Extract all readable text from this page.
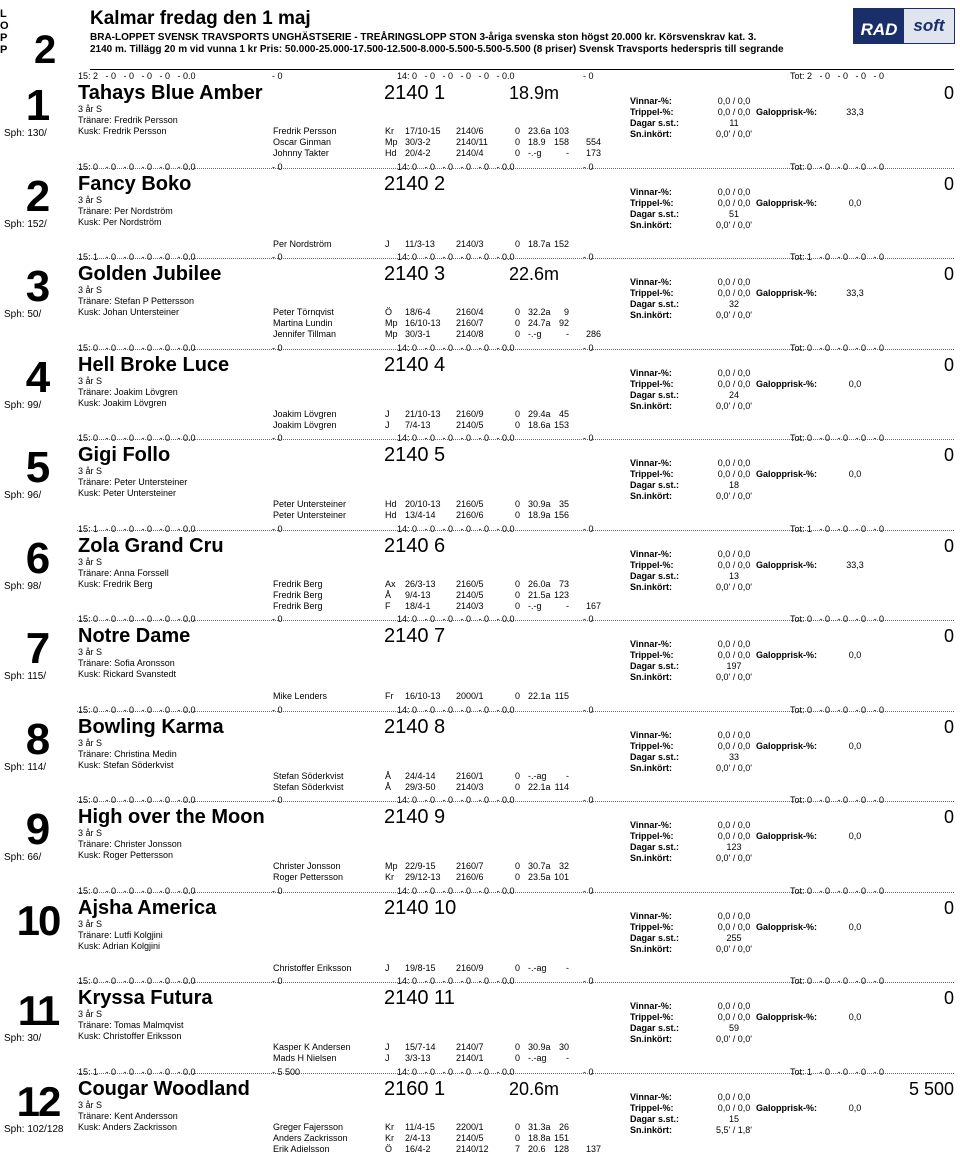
L
O
P
P 2
Kalmar fredag den 1 maj
BRA-LOPPET SVENSK TRAVSPORTS UNGHÄSTSERIE - TREÅRINGSLOPP STON 3-åriga svenska ston högst 20.000 kr. Körsvenskrav kat. 3.
2140 m. Tillägg 20 m vid vunna 1 kr Pris: 50.000-25.000-17.500-12.500-8.000-5.500-5.500-5.500 (8 priser) Svensk Travsports hederspris till segrande
RAD soft
15: 2   - 0   - 0   - 0   - 0   - 0.0	- 0	14: 0   - 0   - 0   - 0   - 0   - 0.0	- 0	Tot: 2   - 0   - 0   - 0   - 0
1
Sph: 130/
Tahays Blue Amber	2140 1	18.9m	0
3 år S
Tränare: Fredrik Persson
Kusk: Fredrik Persson
Vinnar-%:	0,0 / 0,0
Trippel-%:	0,0 / 0,0 Galopprisk-%:	33,3
Dagar s.st.:	11
Sn.inkört:	0,0' / 0,0'
Fredrik Persson	Kr 17/10-15 2140/6	0 23.6a 103
Oscar Ginman	Mp 30/3-2	2140/11	0 18.9 158	554
Johnny Takter	Hd 20/4-2	2140/4	0 -.-g	-	173
15: 0   - 0   - 0   - 0   - 0   - 0.0	- 0	14: 0   - 0   - 0   - 0   - 0   - 0.0	- 0	Tot: 0   - 0   - 0   - 0   - 0
2
Sph: 152/
Fancy Boko	2140 2	0
3 år S
Tränare: Per Nordström
Kusk: Per Nordström
Vinnar-%:	0,0 / 0,0
Trippel-%:	0,0 / 0,0 Galopprisk-%:	0,0
Dagar s.st.:	51
Sn.inkört:	0,0' / 0,0'
Per Nordström	J 11/3-13 2140/3	0 18.7a 152
15: 1   - 0   - 0   - 0   - 0   - 0.0	- 0	14: 0   - 0   - 0   - 0   - 0   - 0.0	- 0	Tot: 1   - 0   - 0   - 0   - 0
3
Sph: 50/
Golden Jubilee	2140 3	22.6m	0
3 år S
Tränare: Stefan P Pettersson
Kusk: Johan Untersteiner
Vinnar-%:	0,0 / 0,0
Trippel-%:	0,0 / 0,0 Galopprisk-%:	33,3
Dagar s.st.:	32
Sn.inkört:	0,0' / 0,0'
Peter Törnqvist	Ö 18/6-4	2160/4	0 32.2a	9
Martina Lundin	Mp 16/10-13 2160/7	0 24.7a 92
Jennifer Tillman	Mp 30/3-1	2140/8	0 -.-g	-	286
15: 0   - 0   - 0   - 0   - 0   - 0.0	- 0	14: 0   - 0   - 0   - 0   - 0   - 0.0	- 0	Tot: 0   - 0   - 0   - 0   - 0
4
Sph: 99/
Hell Broke Luce	2140 4	0
3 år S
Tränare: Joakim Lövgren
Kusk: Joakim Lövgren
Vinnar-%:	0,0 / 0,0
Trippel-%:	0,0 / 0,0 Galopprisk-%:	0,0
Dagar s.st.:	24
Sn.inkört:	0,0' / 0,0'
Joakim Lövgren	J 21/10-13 2160/9	0 29.4a 45
Joakim Lövgren	J 7/4-13	2140/5	0 18.6a 153
15: 0   - 0   - 0   - 0   - 0   - 0.0	- 0	14: 0   - 0   - 0   - 0   - 0   - 0.0	- 0	Tot: 0   - 0   - 0   - 0   - 0
5
Sph: 96/
Gigi Follo	2140 5	0
3 år S
Tränare: Peter Untersteiner
Kusk: Peter Untersteiner
Vinnar-%:	0,0 / 0,0
Trippel-%:	0,0 / 0,0 Galopprisk-%:	0,0
Dagar s.st.:	18
Sn.inkört:	0,0' / 0,0'
Peter Untersteiner	Hd 20/10-13 2160/5	0 30.9a 35
Peter Untersteiner	Hd 13/4-14 2160/6	0 18.9a 156
15: 1   - 0   - 0   - 0   - 0   - 0.0	- 0	14: 0   - 0   - 0   - 0   - 0   - 0.0	- 0	Tot: 1   - 0   - 0   - 0   - 0
6
Sph: 98/
Zola Grand Cru	2140 6	0
3 år S
Tränare: Anna Forssell
Kusk: Fredrik Berg
Vinnar-%:	0,0 / 0,0
Trippel-%:	0,0 / 0,0 Galopprisk-%:	33,3
Dagar s.st.:	13
Sn.inkört:	0,0' / 0,0'
Fredrik Berg	Ax 26/3-13 2160/5	0 26.0a 73
Fredrik Berg	Å 9/4-13	2140/5	0 21.5a 123
Fredrik Berg	F 18/4-1	2140/3	0 -.-g	-	167
15: 0   - 0   - 0   - 0   - 0   - 0.0	- 0	14: 0   - 0   - 0   - 0   - 0   - 0.0	- 0	Tot: 0   - 0   - 0   - 0   - 0
7
Sph: 115/
Notre Dame	2140 7	0
3 år S
Tränare: Sofia Aronsson
Kusk: Rickard Svanstedt
Vinnar-%:	0,0 / 0,0
Trippel-%:	0,0 / 0,0 Galopprisk-%:	0,0
Dagar s.st.:	197
Sn.inkört:	0,0' / 0,0'
Mike Lenders	Fr 16/10-13 2000/1	0 22.1a 115
15: 0   - 0   - 0   - 0   - 0   - 0.0	- 0	14: 0   - 0   - 0   - 0   - 0   - 0.0	- 0	Tot: 0   - 0   - 0   - 0   - 0
8
Sph: 114/
Bowling Karma	2140 8	0
3 år S
Tränare: Christina Medin
Kusk: Stefan Söderkvist
Vinnar-%:	0,0 / 0,0
Trippel-%:	0,0 / 0,0 Galopprisk-%:	0,0
Dagar s.st.:	33
Sn.inkört:	0,0' / 0,0'
Stefan Söderkvist	Å 24/4-14 2160/1	0 -.-ag	-
Stefan Söderkvist	Å 29/3-50 2140/3	0 22.1a 114
15: 0   - 0   - 0   - 0   - 0   - 0.0	- 0	14: 0   - 0   - 0   - 0   - 0   - 0.0	- 0	Tot: 0   - 0   - 0   - 0   - 0
9
Sph: 66/
High over the Moon	2140 9	0
3 år S
Tränare: Christer Jonsson
Kusk: Roger Pettersson
Vinnar-%:	0,0 / 0,0
Trippel-%:	0,0 / 0,0 Galopprisk-%:	0,0
Dagar s.st.:	123
Sn.inkört:	0,0' / 0,0'
Christer Jonsson	Mp 22/9-15 2160/7	0 30.7a 32
Roger Pettersson	Kr 29/12-13 2160/6	0 23.5a 101
15: 0   - 0   - 0   - 0   - 0   - 0.0	- 0	14: 0   - 0   - 0   - 0   - 0   - 0.0	- 0	Tot: 0   - 0   - 0   - 0   - 0
10 Ajsha America	2140 10	0
3 år S
Tränare: Lutfi Kolgjini
Kusk: Adrian Kolgjini
Vinnar-%:	0,0 / 0,0
Trippel-%:	0,0 / 0,0 Galopprisk-%:	0,0
Dagar s.st.:	255
Sn.inkört:	0,0' / 0,0'
Christoffer Eriksson	J 19/8-15 2160/9	0 -.-ag	-
15: 0   - 0   - 0   - 0   - 0   - 0.0	- 0	14: 0   - 0   - 0   - 0   - 0   - 0.0	- 0	Tot: 0   - 0   - 0   - 0   - 0
11
Sph: 30/
Kryssa Futura	2140 11	0
3 år S
Tränare: Tomas Malmqvist
Kusk: Christoffer Eriksson
Vinnar-%:	0,0 / 0,0
Trippel-%:	0,0 / 0,0 Galopprisk-%:	0,0
Dagar s.st.:	59
Sn.inkört:	0,0' / 0,0'
Kasper K Andersen	J 15/7-14 2140/7	0 30.9a 30
Mads H Nielsen	J 3/3-13	2140/1	0 -.-ag	-
15: 1   - 0   - 0   - 0   - 0   - 0.0	- 5 500	14: 0   - 0   - 0   - 0   - 0   - 0.0	- 0	Tot: 1   - 0   - 0   - 0   - 0
12
Sph: 102/128
Cougar Woodland	2160 1	20.6m	5 500
3 år S
Tränare: Kent Andersson
Kusk: Anders Zackrisson
Vinnar-%:	0,0 / 0,0
Trippel-%:	0,0 / 0,0 Galopprisk-%:	0,0
Dagar s.st.:	15
Sn.inkört:	5,5' / 1,8'
Greger Fajersson	Kr 11/4-15 2200/1	0 31.3a 26
Anders Zackrisson	Kr 2/4-13	2140/5	0 18.8a 151
Erik Adielsson	Ö 16/4-2	2140/12	7 20.6 128	137
